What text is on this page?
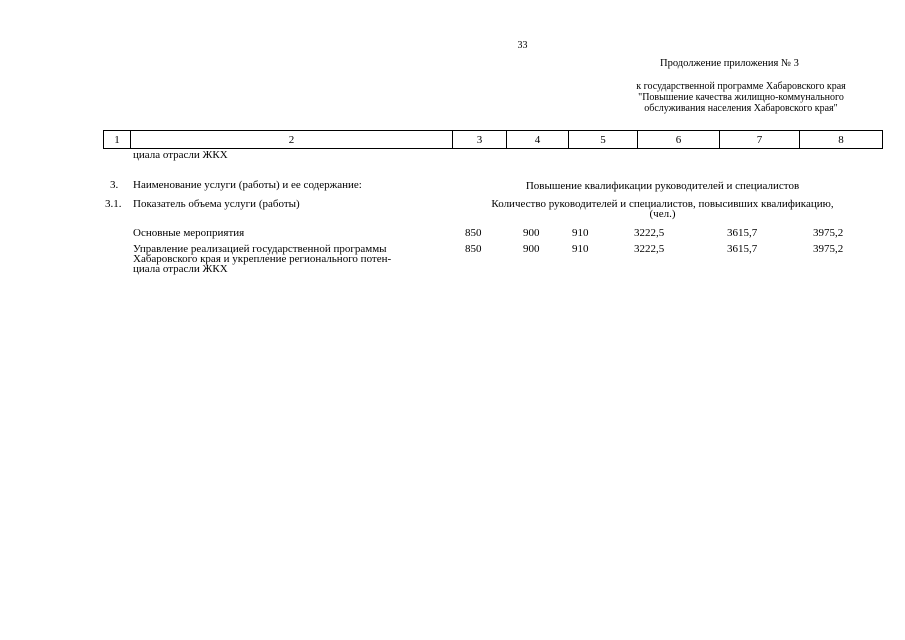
33
Продолжение приложения № 3
к государственной программе Хабаровского края
"Повышение качества жилищно-коммунального
обслуживания населения Хабаровского края"
1	2	3	4	5	6	7	8
циала отрасли ЖКХ
3. Наименование услуги (работы) и ее содержание:	Повышение квалификации руководителей и специалистов
3.1. Показатель объема услуги (работы)	Количество руководителей и специалистов, повысивших квалификацию,
(чел.)
Основные мероприятия	850	900	910	3222,5	3615,7	3975,2
Управление реализацией государственной программы
Хабаровского края и укрепление регионального потен-
циала отрасли ЖКХ
850	900	910	3222,5	3615,7	3975,2
